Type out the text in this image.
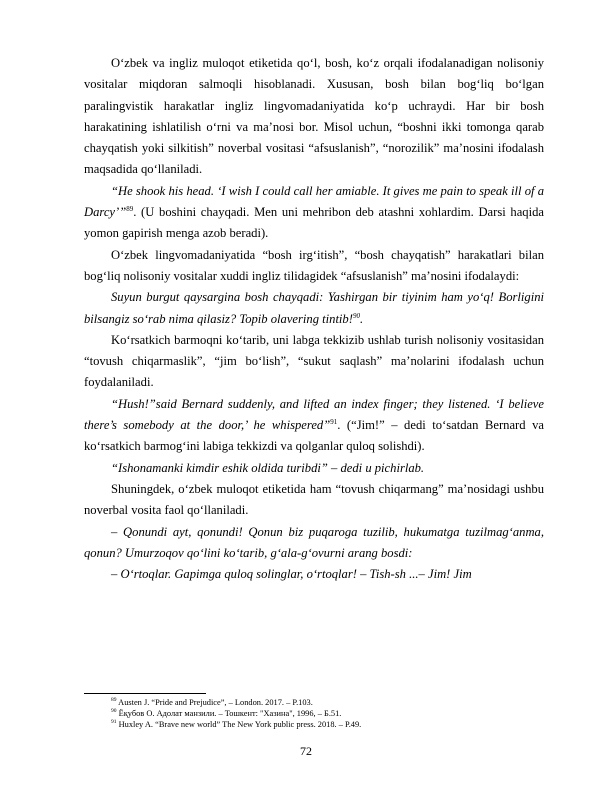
O‘zbek va ingliz muloqot etiketida qo‘l, bosh, ko‘z orqali ifodalanadigan nolisoniy vositalar miqdoran salmoqli hisoblanadi. Xususan, bosh bilan bog‘liq bo‘lgan paralingvistik harakatlar ingliz lingvomadaniyatida ko‘p uchraydi. Har bir bosh harakatining ishlatilish o‘rni va ma’nosi bor. Misol uchun, “boshni ikki tomonga qarab chayqatish yoki silkitish” noverbal vositasi “afsuslanish”, “norozilik” ma’nosini ifodalash maqsadida qo‘llaniladi.

“He shook his head. ‘I wish I could call her amiable. It gives me pain to speak ill of a Darcy’”$^{89}$. (U boshini chayqadi. Men uni mehribon deb atashni xohlardim. Darsi haqida yomon gapirish menga azob beradi).

O‘zbek lingvomadaniyatida “bosh irg‘itish”, “bosh chayqatish” harakatlari bilan bog‘liq nolisoniy vositalar xuddi ingliz tilidagidek “afsuslanish” ma’nosini ifodalaydi:

Suyun burgut qaysargina bosh chayqadi: Yashirgan bir tiyinim ham yo‘q! Borligini bilsangiz so‘rab nima qilasiz? Topib olavering tintib!$^{90}$.

Ko‘rsatkich barmoqni ko‘tarib, uni labga tekkizib ushlab turish nolisoniy vositasidan “tovush chiqarmaslik”, “jim bo‘lish”, “sukut saqlash” ma’nolarini ifodalash uchun foydalaniladi.

“Hush!”said Bernard suddenly, and lifted an index finger; they listened. ‘I believe there’s somebody at the door,’ he whispered”$^{91}$. (“Jim!” – dedi to‘satdan Bernard va ko‘rsatkich barmog‘ini labiga tekkizdi va qolganlar quloq solishdi).

“Ishonamanki kimdir eshik oldida turibdi” – dedi u pichirlab.

Shuningdek, o‘zbek muloqot etiketida ham “tovush chiqarmang” ma’nosidagi ushbu noverbal vosita faol qo‘llaniladi.

– Qonundi ayt, qonundi! Qonun biz puqaroga tuzilib, hukumatga tuzilmag‘anma, qonun? Umurzoqov qo‘lini ko‘tarib, g‘ala-g‘ovurni arang bosdi:

– O‘rtoqlar. Gapimga quloq solinglar, o‘rtoqlar! – Tish-sh ...– Jim! Jim

$^{89}$ Austen J. “Pride and Prejudice”, – London. 2017. – P.103.

$^{90}$ Ёқубов О. Адолат манзили. – Тошкент: "Хазина", 1996, – Б.51.

$^{91}$ Huxley A. “Brave new world” The New York public press. 2018. – P.49.

72
